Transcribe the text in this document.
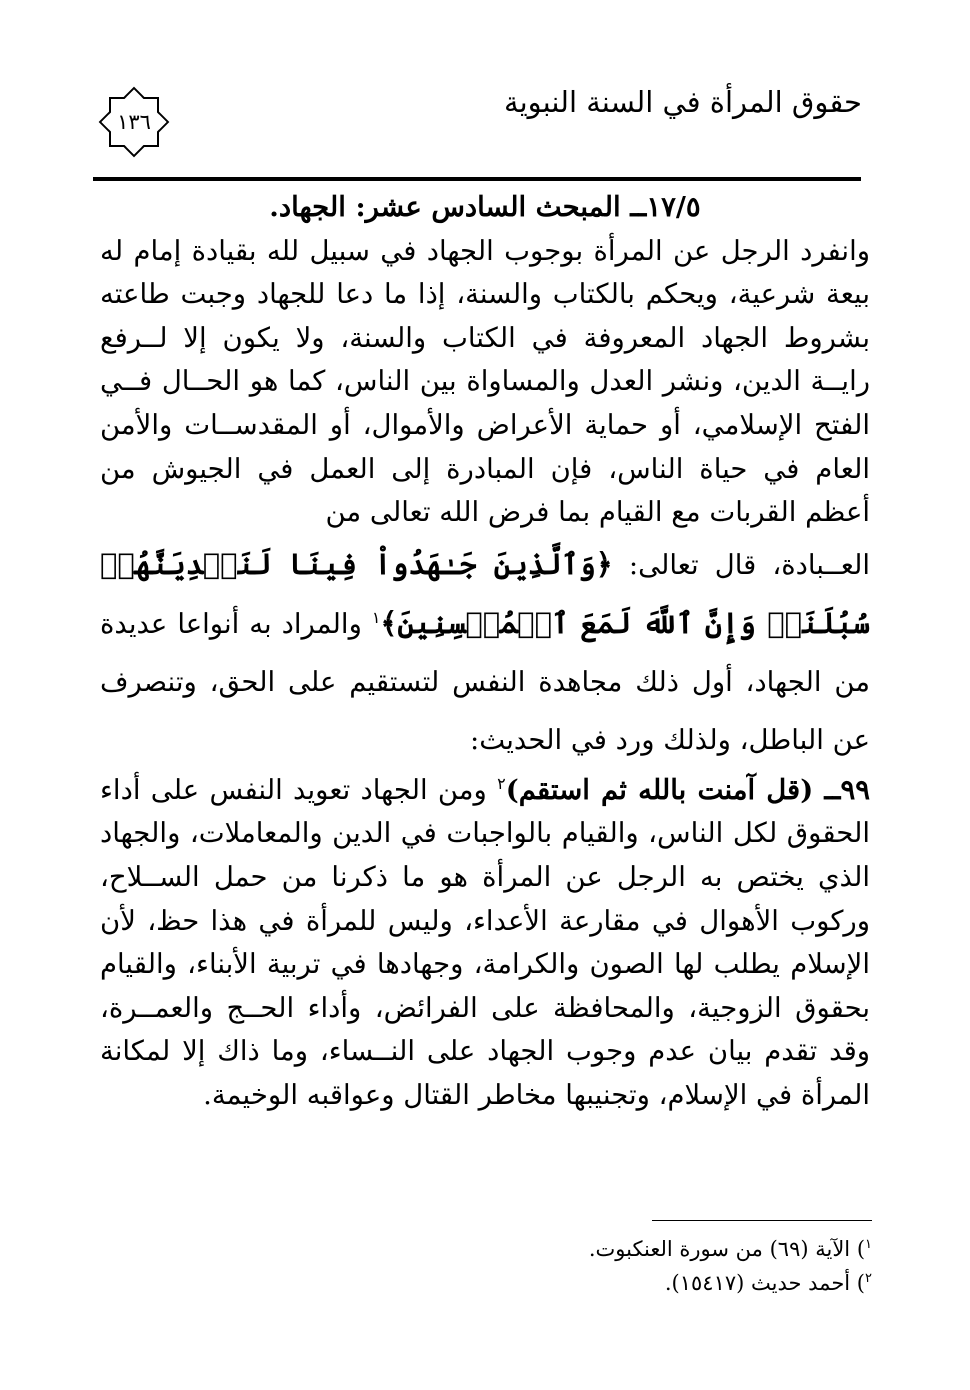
حقوق المرأة في السنة النبوية
١٣٦

١٧/٥ــ المبحث السادس عشر: الجهاد.

وانفرد الرجل عن المرأة بوجوب الجهاد في سبيل لله بقيادة إمام له بيعة شرعية، ويحكم بالكتاب والسنة، إذا ما دعا للجهاد وجبت طاعته بشروط الجهاد المعروفة في الكتاب والسنة، ولا يكون إلا لــرفع رايــة الدين، ونشر العدل والمساواة بين الناس، كما هو الحــال فــي الفتح الإسلامي، أو حماية الأعراض والأموال، أو المقدســات والأمن العام في حياة الناس، فإن المبادرة إلى العمل في الجيوش من أعظم القربات مع القيام بما فرض الله تعالى من

العــبادة، قال تعالى: ﴿وَٱلَّذِينَ جَـٰهَدُواْ فِينَا لَنَهۡدِيَنَّهُمۡ سُبُلَنَاۚ وَإِنَّ ٱللَّهَ لَمَعَ ٱلۡمُحۡسِنِينَ﴾$^١$ والمراد به أنواعا عديدة من الجهاد، أول ذلك مجاهدة النفس لتستقيم على الحق، وتنصرف عن الباطل، ولذلك ورد في الحديث:

٩٩ــ (قل آمنت بالله ثم استقم)$^٢$ ومن الجهاد تعويد النفس على أداء الحقوق لكل الناس، والقيام بالواجبات في الدين والمعاملات، والجهاد الذي يختص به الرجل عن المرأة هو ما ذكرنا من حمل الســلاح، وركوب الأهوال في مقارعة الأعداء، وليس للمرأة في هذا حظ، لأن الإسلام يطلب لها الصون والكرامة، وجهادها في تربية الأبناء، والقيام بحقوق الزوجية، والمحافظة على الفرائض، وأداء الحــج والعمــرة، وقد تقدم بيان عدم وجوب الجهاد على النــساء، وما ذاك إلا لمكانة المرأة في الإسلام، وتجنيبها مخاطر القتال وعواقبه الوخيمة.

$^١$) الآية (٦٩) من سورة العنكبوت.

$^٢$) أحمد حديث (١٥٤١٧).
